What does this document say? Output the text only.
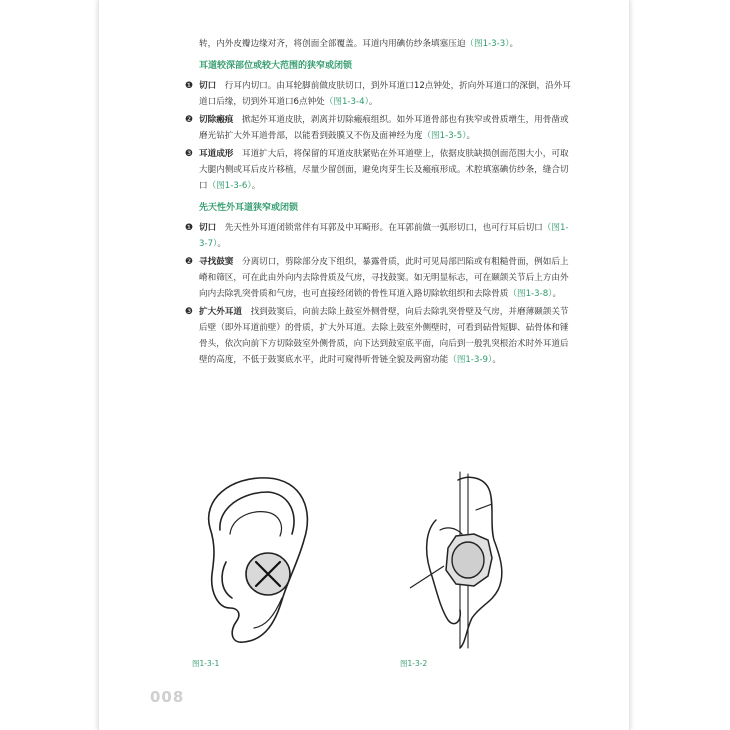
转，内外皮瓣边缘对齐，将创面全部覆盖。耳道内用碘仿纱条填塞压迫（图1-3-3）。

耳道较深部位或较大范围的狭窄或闭锁
❶ 切口  行耳内切口。由耳轮脚前做皮肤切口，到外耳道口12点钟处，折向外耳道口的深倒，沿外耳道口后缘，切到外耳道口6点钟处（图1-3-4）。
❷ 切除瘢痕  掀起外耳道皮肤，剥离并切除瘢痕组织。如外耳道骨部也有狭窄或骨质增生，用骨凿或磨光钻扩大外耳道骨部，以能看到鼓膜又不伤及面神经为度（图1-3-5）。
❸ 耳道成形  耳道扩大后，将保留的耳道皮肤紧贴在外耳道壁上，依据皮肤缺损创面范围大小，可取大腿内侧或耳后皮片移植，尽量少留创面，避免肉芽生长及瘢痕形成。术腔填塞碘仿纱条，缝合切口（图1-3-6）。
先天性外耳道狭窄或闭锁
❶ 切口  先天性外耳道闭锁常伴有耳郭及中耳畸形。在耳郭前做一弧形切口，也可行耳后切口（图1-3-7）。
❷ 寻找鼓窦  分离切口，剪除部分皮下组织，暴露骨质，此时可见局部凹陷或有粗糙骨面，例如后上嵴和筛区，可在此由外向内去除骨质及气房，寻找鼓窦。如无明显标志，可在颞颌关节后上方由外向内去除乳突骨质和气房，也可直接经闭锁的骨性耳道入路切除软组织和去除骨质（图1-3-8）。
❸ 扩大外耳道  找到鼓窦后，向前去除上鼓室外侧骨壁，向后去除乳突骨壁及气房，并磨薄颞颌关节后壁（即外耳道前壁）的骨质，扩大外耳道。去除上鼓室外侧壁时，可看到砧骨短脚、砧骨体和锤骨头，依次向前下方切除鼓室外侧骨质，向下达到鼓室底平面，向后到一般乳突根治术时外耳道后壁的高度，不低于鼓窦底水平，此时可窥得听骨链全貌及两窗功能（图1-3-9）。
图1-3-1	图1-3-2
008
